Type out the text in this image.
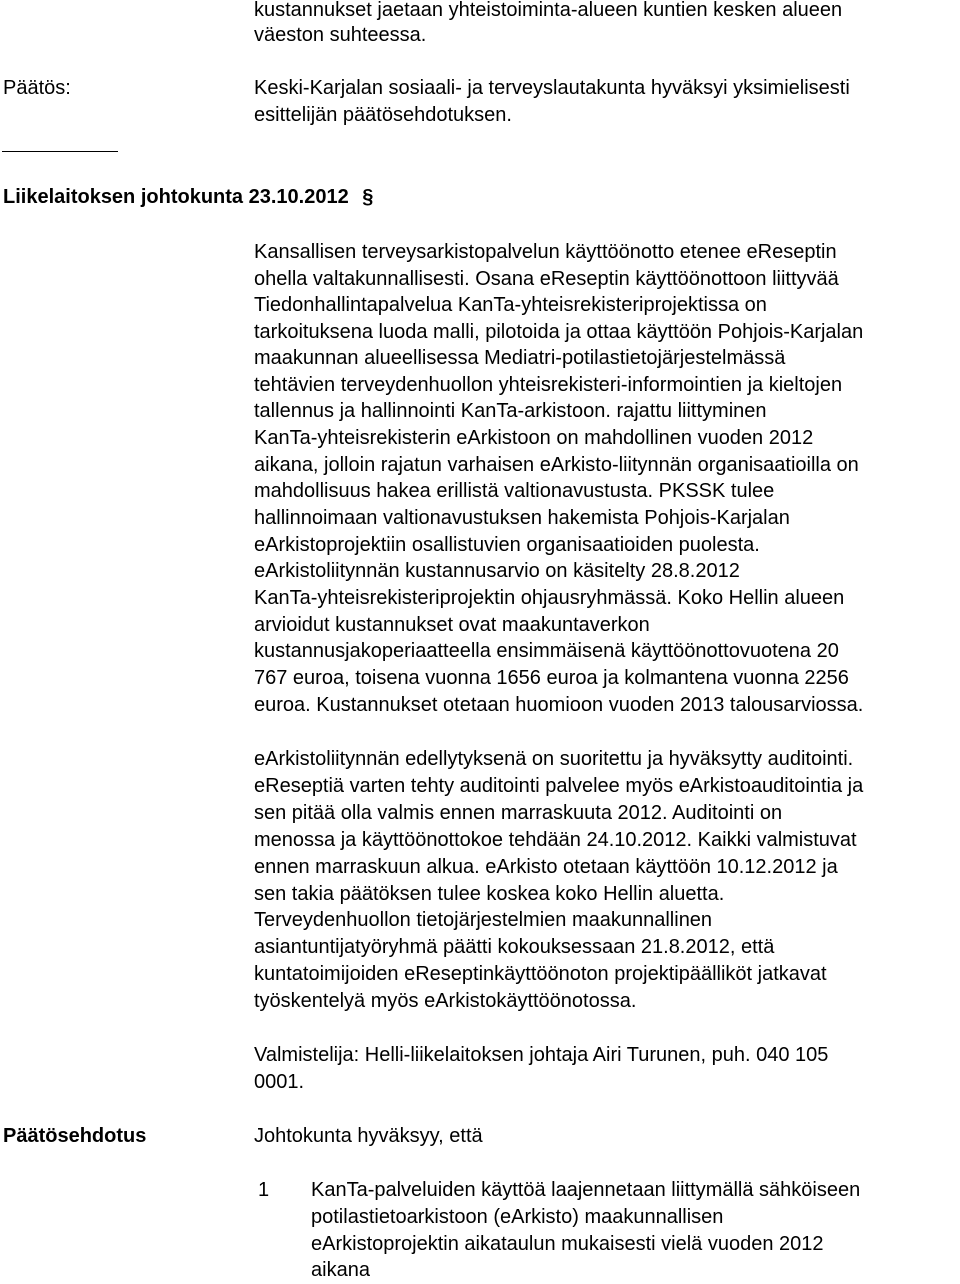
kustannukset jaetaan yhteistoiminta-alueen kuntien kesken alueen
väeston suhteessa.
Päätös:	Keski-Karjalan sosiaali- ja terveyslautakunta hyväksyi yksimielisesti
esittelijän päätösehdotuksen.
Liikelaitoksen johtokunta 23.10.2012 §
Kansallisen terveysarkistopalvelun käyttöönotto etenee eReseptin
ohella valtakunnallisesti. Osana eReseptin käyttöönottoon liittyvää
Tiedonhallintapalvelua KanTa-yhteisrekisteriprojektissa on
tarkoituksena luoda malli, pilotoida ja ottaa käyttöön Pohjois-Karjalan
maakunnan alueellisessa Mediatri-potilastietojärjestelmässä
tehtävien terveydenhuollon yhteisrekisteri-informointien ja kieltojen
tallennus ja hallinnointi KanTa-arkistoon. rajattu liittyminen
KanTa-yhteisrekisterin eArkistoon on mahdollinen vuoden 2012
aikana, jolloin rajatun varhaisen eArkisto-liitynnän organisaatioilla on
mahdollisuus hakea erillistä valtionavustusta. PKSSK tulee
hallinnoimaan valtionavustuksen hakemista Pohjois-Karjalan
eArkistoprojektiin osallistuvien organisaatioiden puolesta.
eArkistoliitynnän kustannusarvio on käsitelty 28.8.2012
KanTa-yhteisrekisteriprojektin ohjausryhmässä. Koko Hellin alueen
arvioidut kustannukset ovat maakuntaverkon
kustannusjakoperiaatteella ensimmäisenä käyttöönottovuotena 20
767 euroa, toisena vuonna 1656 euroa ja kolmantena vuonna 2256
euroa. Kustannukset otetaan huomioon vuoden 2013 talousarviossa.
eArkistoliitynnän edellytyksenä on suoritettu ja hyväksytty auditointi.
eReseptiä varten tehty auditointi palvelee myös eArkistoauditointia ja
sen pitää olla valmis ennen marraskuuta 2012. Auditointi on
menossa ja käyttöönottokoe tehdään 24.10.2012. Kaikki valmistuvat
ennen marraskuun alkua. eArkisto otetaan käyttöön 10.12.2012 ja
sen takia päätöksen tulee koskea koko Hellin aluetta.
Terveydenhuollon tietojärjestelmien maakunnallinen
asiantuntijatyöryhmä päätti kokouksessaan 21.8.2012, että
kuntatoimijoiden eReseptinkäyttöönoton projektipäälliköt jatkavat
työskentelyä myös eArkistokäyttöönotossa.
Valmistelija: Helli-liikelaitoksen johtaja Airi Turunen, puh. 040 105
0001.
Päätösehdotus	Johtokunta hyväksyy, että
1 KanTa-palveluiden käyttöä laajennetaan liittymällä sähköiseen
potilastietoarkistoon (eArkisto) maakunnallisen
eArkistoprojektin aikataulun mukaisesti vielä vuoden 2012
aikana
